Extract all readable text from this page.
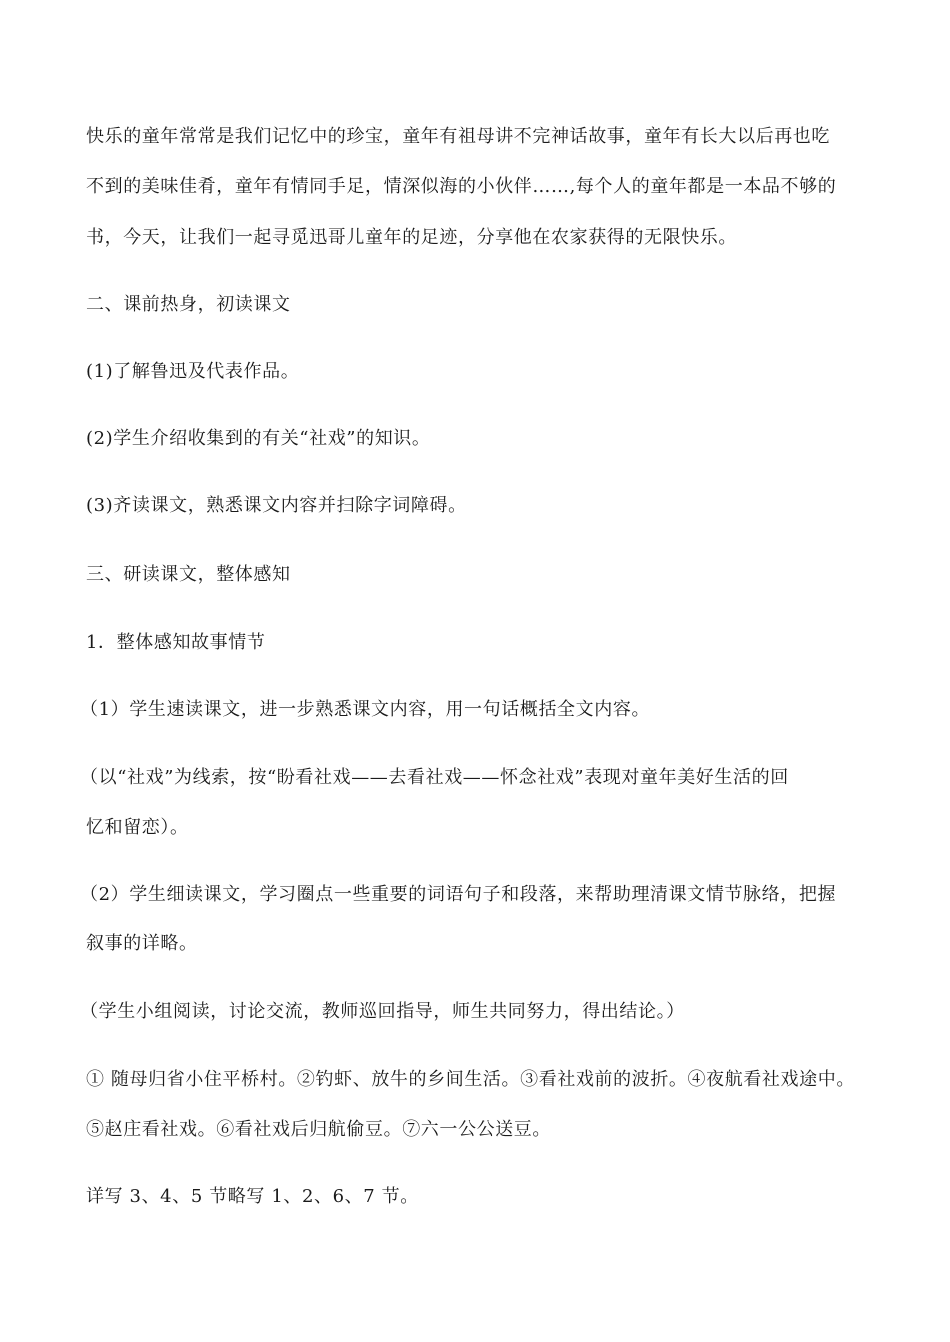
快乐的童年常常是我们记忆中的珍宝，童年有祖母讲不完神话故事，童年有长大以后再也吃
不到的美味佳肴，童年有情同手足，情深似海的小伙伴……,每个人的童年都是一本品不够的
书，今天，让我们一起寻觅迅哥儿童年的足迹，分享他在农家获得的无限快乐。
二、课前热身，初读课文
(1)了解鲁迅及代表作品。
(2)学生介绍收集到的有关“社戏”的知识。
(3)齐读课文，熟悉课文内容并扫除字词障碍。
三、研读课文，整体感知
1．整体感知故事情节
（1）学生速读课文，进一步熟悉课文内容，用一句话概括全文内容。
（以“社戏”为线索，按“盼看社戏——去看社戏——怀念社戏”表现对童年美好生活的回
忆和留恋）。
（2）学生细读课文，学习圈点一些重要的词语句子和段落，来帮助理清课文情节脉络，把握
叙事的详略。
（学生小组阅读，讨论交流，教师巡回指导，师生共同努力，得出结论。）
① 随母归省小住平桥村。②钓虾、放牛的乡间生活。③看社戏前的波折。④夜航看社戏途中。
⑤赵庄看社戏。⑥看社戏后归航偷豆。⑦六一公公送豆。
详写 3、4、5 节略写 1、2、6、7 节。
